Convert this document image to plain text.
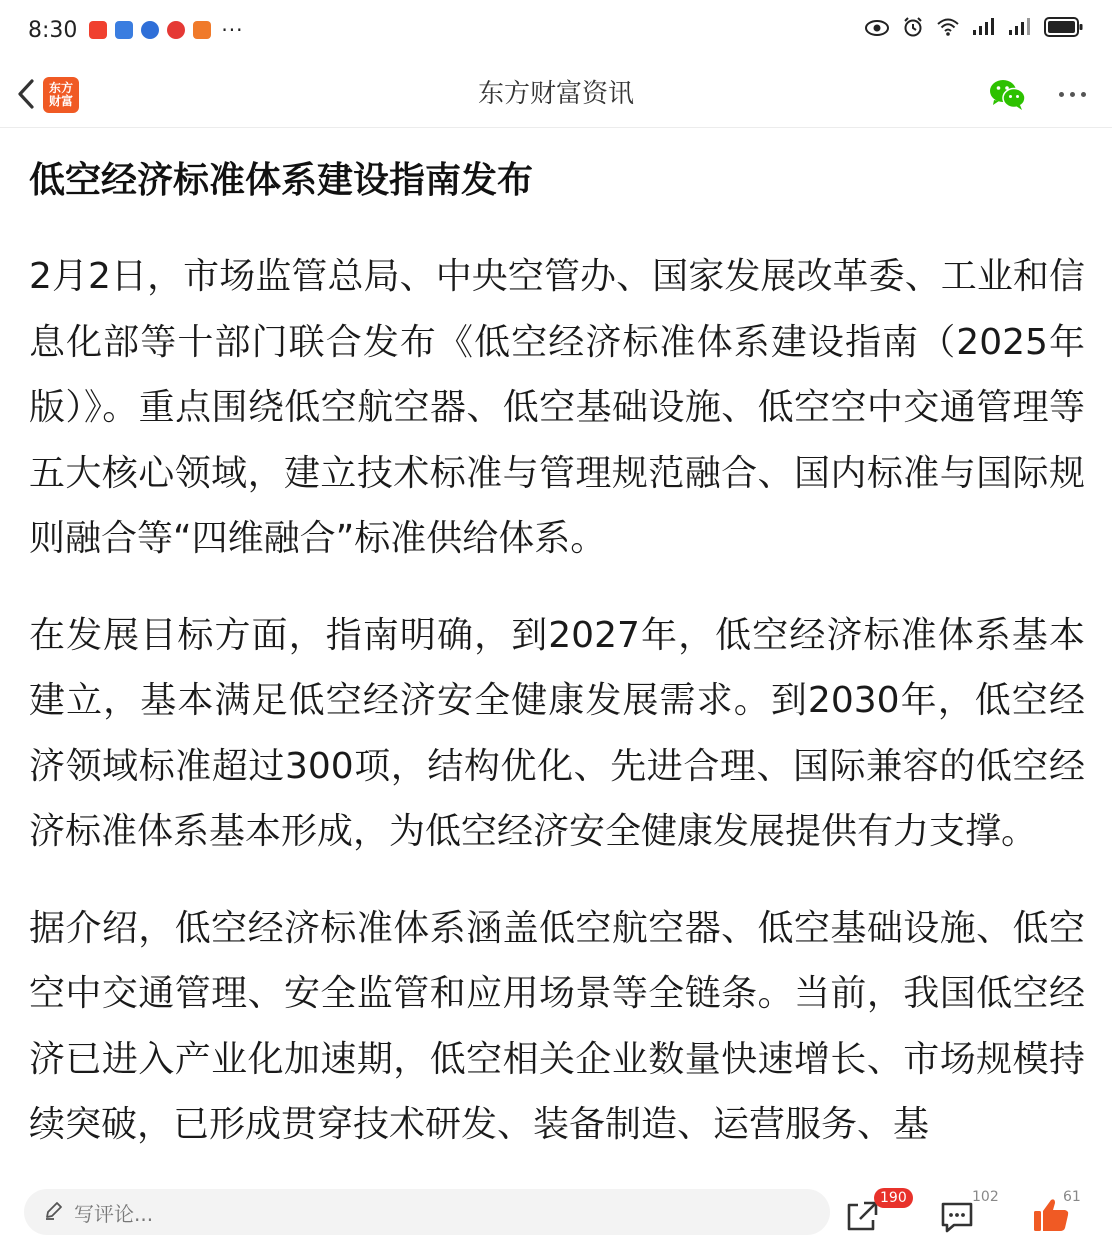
8:30	···
东方
财富	东方财富资讯
低空经济标准体系建设指南发布

2月2日，市场监管总局、中央空管办、国家发展改革委、工业和信息化部等十部门联合发布《低空经济标准体系建设指南（2025年版）》。重点围绕低空航空器、低空基础设施、低空空中交通管理等五大核心领域，建立技术标准与管理规范融合、国内标准与国际规则融合等“四维融合”标准供给体系。

在发展目标方面，指南明确，到2027年，低空经济标准体系基本建立，基本满足低空经济安全健康发展需求。到2030年，低空经济领域标准超过300项，结构优化、先进合理、国际兼容的低空经济标准体系基本形成，为低空经济安全健康发展提供有力支撑。

据介绍，低空经济标准体系涵盖低空航空器、低空基础设施、低空空中交通管理、安全监管和应用场景等全链条。当前，我国低空经济已进入产业化加速期，低空相关企业数量快速增长、市场规模持续突破，已形成贯穿技术研发、装备制造、运营服务、基

写评论...
190	102	61
